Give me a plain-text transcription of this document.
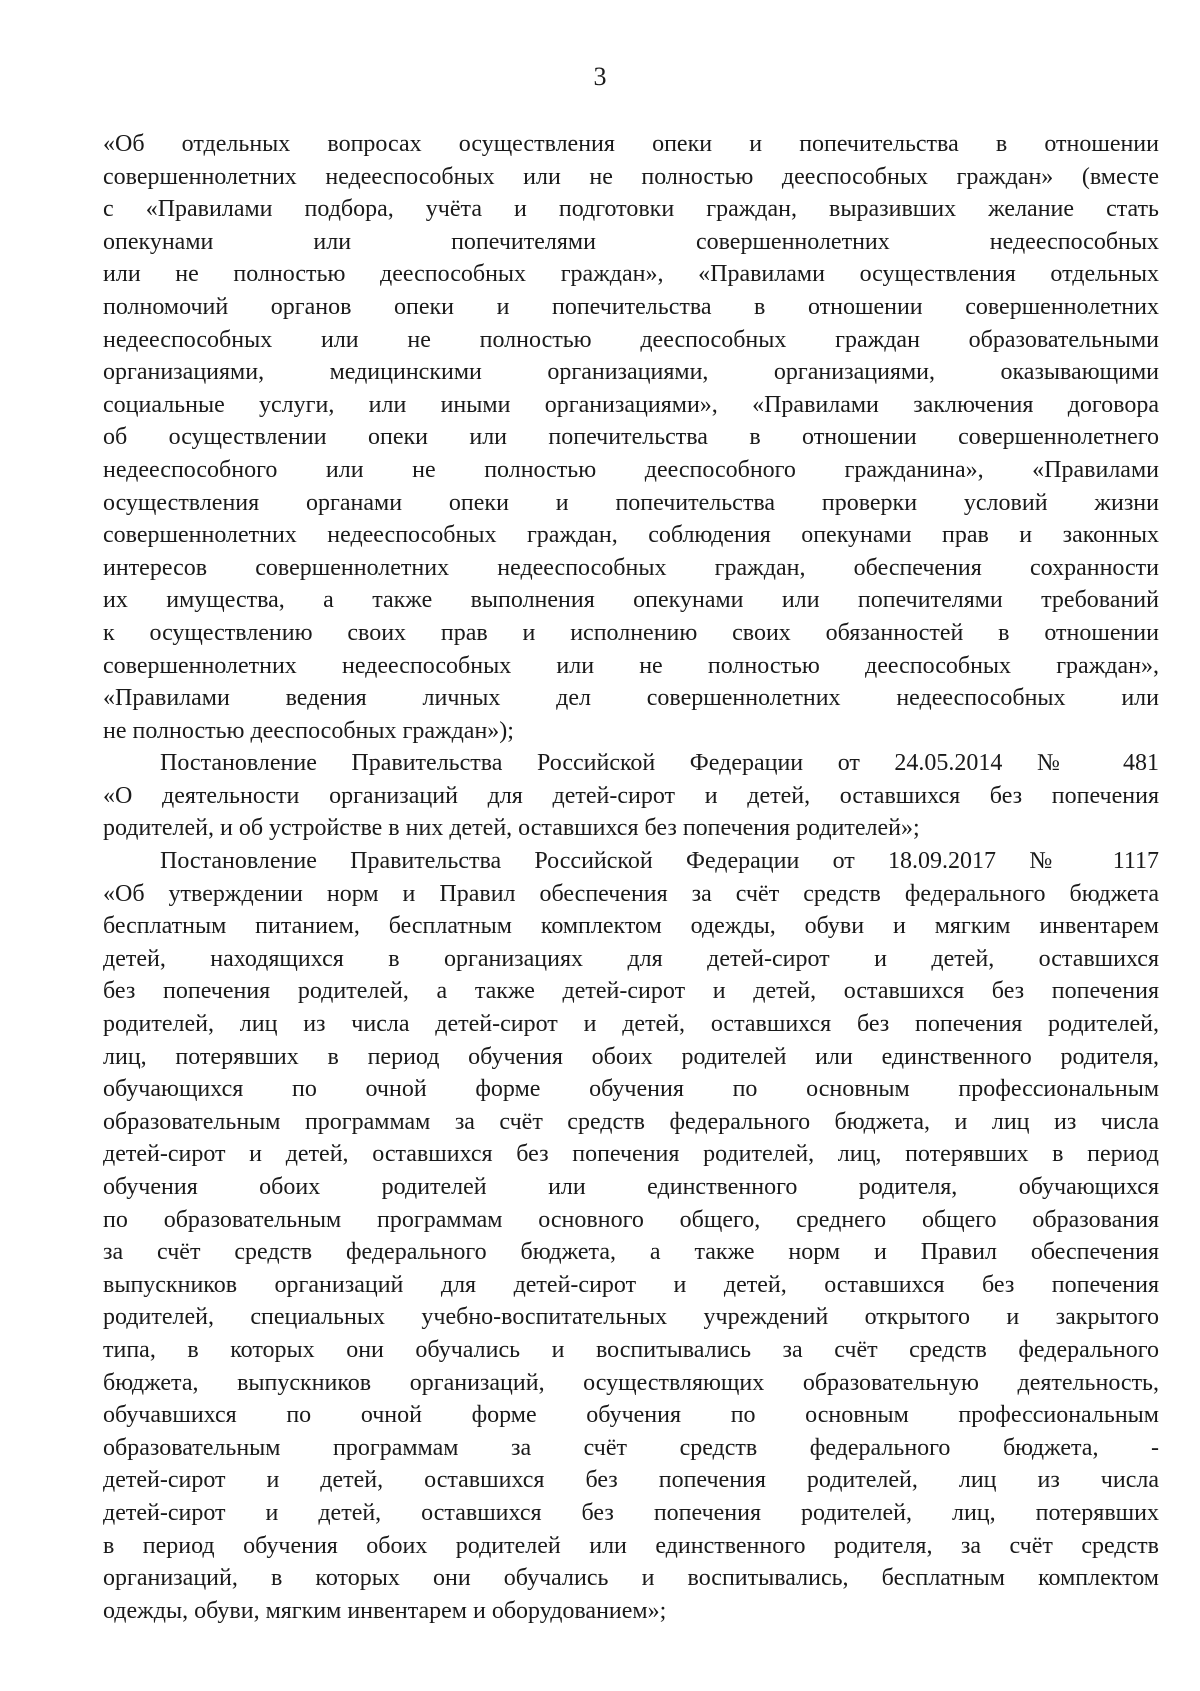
3
«Об отдельных вопросах осуществления опеки и попечительства в отношении
совершеннолетних недееспособных или не полностью дееспособных граждан» (вместе
с «Правилами подбора, учёта и подготовки граждан, выразивших желание стать
опекунами или попечителями совершеннолетних недееспособных
или не полностью дееспособных граждан», «Правилами осуществления отдельных
полномочий органов опеки и попечительства в отношении совершеннолетних
недееспособных или не полностью дееспособных граждан образовательными
организациями, медицинскими организациями, организациями, оказывающими
социальные услуги, или иными организациями», «Правилами заключения договора
об осуществлении опеки или попечительства в отношении совершеннолетнего
недееспособного или не полностью дееспособного гражданина», «Правилами
осуществления органами опеки и попечительства проверки условий жизни
совершеннолетних недееспособных граждан, соблюдения опекунами прав и законных
интересов совершеннолетних недееспособных граждан, обеспечения сохранности
их имущества, а также выполнения опекунами или попечителями требований
к осуществлению своих прав и исполнению своих обязанностей в отношении
совершеннолетних недееспособных или не полностью дееспособных граждан»,
«Правилами ведения личных дел совершеннолетних недееспособных или
не полностью дееспособных граждан»);
Постановление Правительства Российской Федерации от 24.05.2014 № 481
«О деятельности организаций для детей-сирот и детей, оставшихся без попечения
родителей, и об устройстве в них детей, оставшихся без попечения родителей»;
Постановление Правительства Российской Федерации от 18.09.2017 № 1117
«Об утверждении норм и Правил обеспечения за счёт средств федерального бюджета
бесплатным питанием, бесплатным комплектом одежды, обуви и мягким инвентарем
детей, находящихся в организациях для детей-сирот и детей, оставшихся
без попечения родителей, а также детей-сирот и детей, оставшихся без попечения
родителей, лиц из числа детей-сирот и детей, оставшихся без попечения родителей,
лиц, потерявших в период обучения обоих родителей или единственного родителя,
обучающихся по очной форме обучения по основным профессиональным
образовательным программам за счёт средств федерального бюджета, и лиц из числа
детей-сирот и детей, оставшихся без попечения родителей, лиц, потерявших в период
обучения обоих родителей или единственного родителя, обучающихся
по образовательным программам основного общего, среднего общего образования
за счёт средств федерального бюджета, а также норм и Правил обеспечения
выпускников организаций для детей-сирот и детей, оставшихся без попечения
родителей, специальных учебно-воспитательных учреждений открытого и закрытого
типа, в которых они обучались и воспитывались за счёт средств федерального
бюджета, выпускников организаций, осуществляющих образовательную деятельность,
обучавшихся по очной форме обучения по основным профессиональным
образовательным программам за счёт средств федерального бюджета, -
детей-сирот и детей, оставшихся без попечения родителей, лиц из числа
детей-сирот и детей, оставшихся без попечения родителей, лиц, потерявших
в период обучения обоих родителей или единственного родителя, за счёт средств
организаций, в которых они обучались и воспитывались, бесплатным комплектом
одежды, обуви, мягким инвентарем и оборудованием»;
